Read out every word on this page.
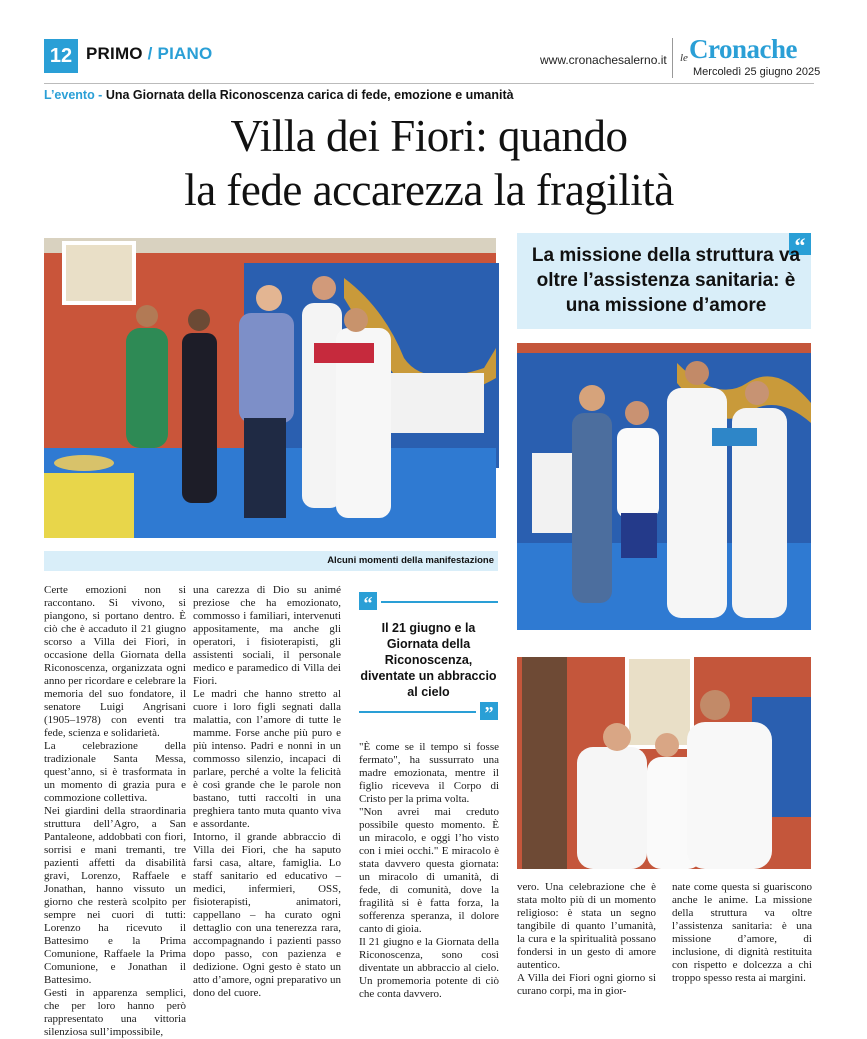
12 PRIMO / PIANO	www.cronachesalerno.it le Cronache
Mercoledì 25 giugno 2025
L’evento - Una Giornata della Riconoscenza carica di fede, emozione e umanità
Villa dei Fiori: quando
la fede accarezza la fragilità
“
La missione della struttura va oltre l’assistenza sanitaria: è una missione d’amore
Alcuni momenti della manifestazione

Certe emozioni non si raccontano. Si vivono, si piangono, si portano dentro. È ciò che è accaduto il 21 giugno scorso a Villa dei Fiori, in occasione della Giornata della Riconoscenza, organizzata ogni anno per ricordare e celebrare la memoria del suo fondatore, il senatore Luigi Angrisani (1905–1978) con eventi tra fede, scienza e solidarietà.

La celebrazione della tradizionale Santa Messa, quest’anno, si è trasformata in un momento di grazia pura e commozione collettiva.

Nei giardini della straordinaria struttura dell’Agro, a San Pantaleone, addobbati con fiori, sorrisi e mani tremanti, tre pazienti affetti da disabilità gravi, Lorenzo, Raffaele e Jonathan, hanno vissuto un giorno che resterà scolpito per sempre nei cuori di tutti: Lorenzo ha ricevuto il Battesimo e la Prima Comunione, Raffaele la Prima Comunione, e Jonathan il Battesimo.

Gesti in apparenza semplici, che per loro hanno però rappresentato una vittoria silenziosa sull’impossibile,

una carezza di Dio su animé preziose che ha emozionato, commosso i familiari, intervenuti appositamente, ma anche gli operatori, i fisioterapisti, gli assistenti sociali, il personale medico e paramedico di Villa dei Fiori.

Le madri che hanno stretto al cuore i loro figli segnati dalla malattia, con l’amore di tutte le mamme. Forse anche più puro e più intenso. Padri e nonni in un commosso silenzio, incapaci di parlare, perché a volte la felicità è così grande che le parole non bastano, tutti raccolti in una preghiera tanto muta quanto viva e assordante.

Intorno, il grande abbraccio di Villa dei Fiori, che ha saputo farsi casa, altare, famiglia. Lo staff sanitario ed educativo – medici, infermieri, OSS, fisioterapisti, animatori, cappellano – ha curato ogni dettaglio con una tenerezza rara, accompagnando i pazienti passo dopo passo, con pazienza e dedizione. Ogni gesto è stato un atto d’amore, ogni preparativo un dono del cuore.

“
Il 21 giugno e la Giornata della Riconoscenza, diventate un abbraccio al cielo
”

"È come se il tempo si fosse fermato", ha sussurrato una madre emozionata, mentre il figlio riceveva il Corpo di Cristo per la prima volta.

"Non avrei mai creduto possibile questo momento. È un miracolo, e oggi l’ho visto con i miei occhi." E miracolo è stata davvero questa giornata: un miracolo di umanità, di fede, di comunità, dove la fragilità si è fatta forza, la sofferenza speranza, il dolore canto di gioia.

Il 21 giugno e la Giornata della Riconoscenza, sono così diventate un abbraccio al cielo. Un promemoria potente di ciò che conta davvero.

vero. Una celebrazione che è stata molto più di un momento religioso: è stata un segno tangibile di quanto l’umanità, la cura e la spiritualità possano fondersi in un gesto di amore autentico.

A Villa dei Fiori ogni giorno si curano corpi, ma in gior-

nate come questa si guariscono anche le anime. La missione della struttura va oltre l’assistenza sanitaria: è una missione d’amore, di inclusione, di dignità restituita con rispetto e dolcezza a chi troppo spesso resta ai margini.
